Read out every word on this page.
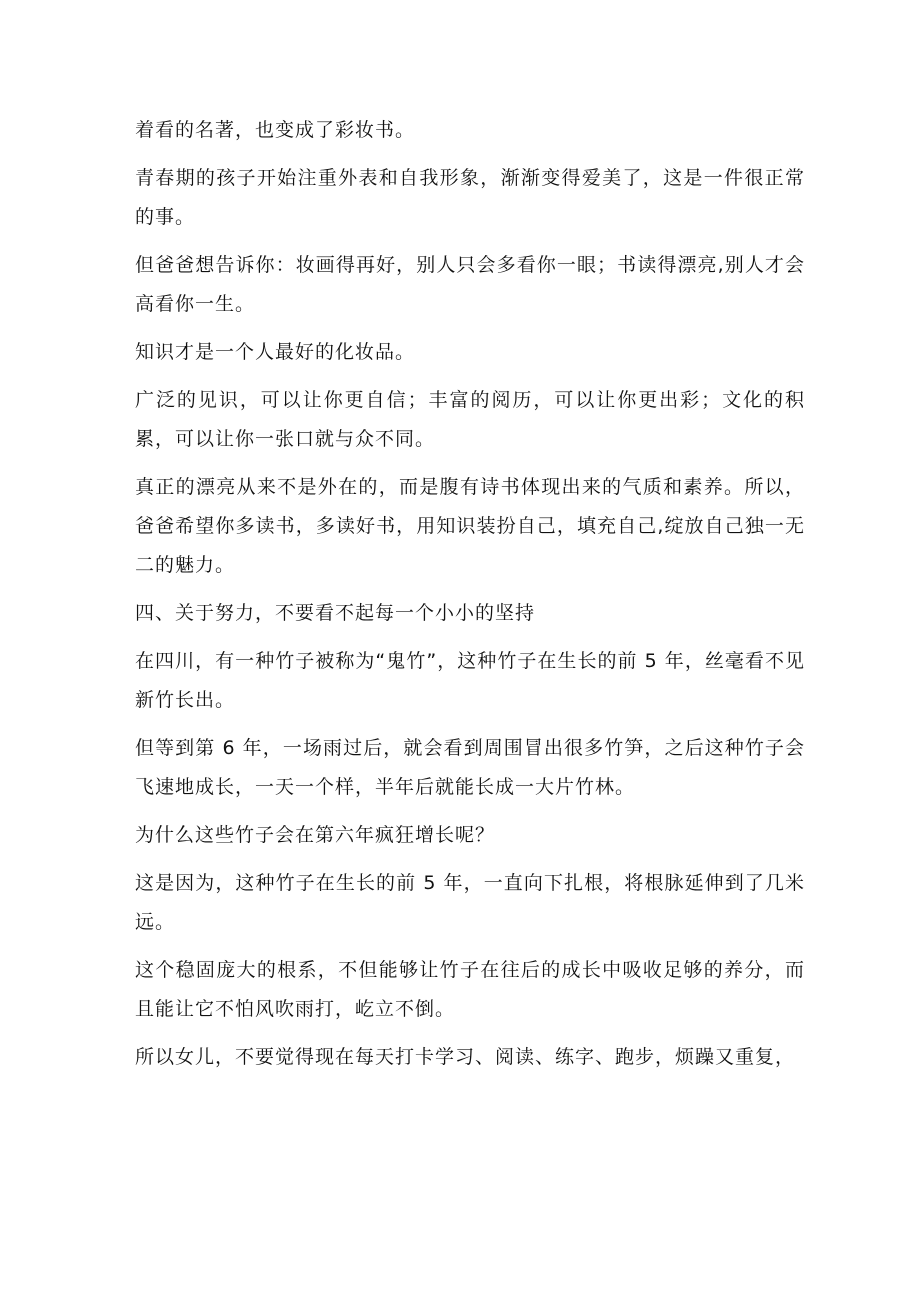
着看的名著，也变成了彩妆书。

青春期的孩子开始注重外表和自我形象，渐渐变得爱美了，这是一件很正常的事。

但爸爸想告诉你：妆画得再好，别人只会多看你一眼；书读得漂亮,别人才会高看你一生。

知识才是一个人最好的化妆品。

广泛的见识，可以让你更自信；丰富的阅历，可以让你更出彩；文化的积累，可以让你一张口就与众不同。

真正的漂亮从来不是外在的，而是腹有诗书体现出来的气质和素养。所以，爸爸希望你多读书，多读好书，用知识装扮自己，填充自己,绽放自己独一无二的魅力。

四、关于努力，不要看不起每一个小小的坚持

在四川，有一种竹子被称为“鬼竹”，这种竹子在生长的前 5 年，丝毫看不见新竹长出。

但等到第 6 年，一场雨过后，就会看到周围冒出很多竹笋，之后这种竹子会飞速地成长，一天一个样，半年后就能长成一大片竹林。

为什么这些竹子会在第六年疯狂增长呢？

这是因为，这种竹子在生长的前 5 年，一直向下扎根，将根脉延伸到了几米远。

这个稳固庞大的根系，不但能够让竹子在往后的成长中吸收足够的养分，而且能让它不怕风吹雨打，屹立不倒。

所以女儿，不要觉得现在每天打卡学习、阅读、练字、跑步，烦躁又重复，
